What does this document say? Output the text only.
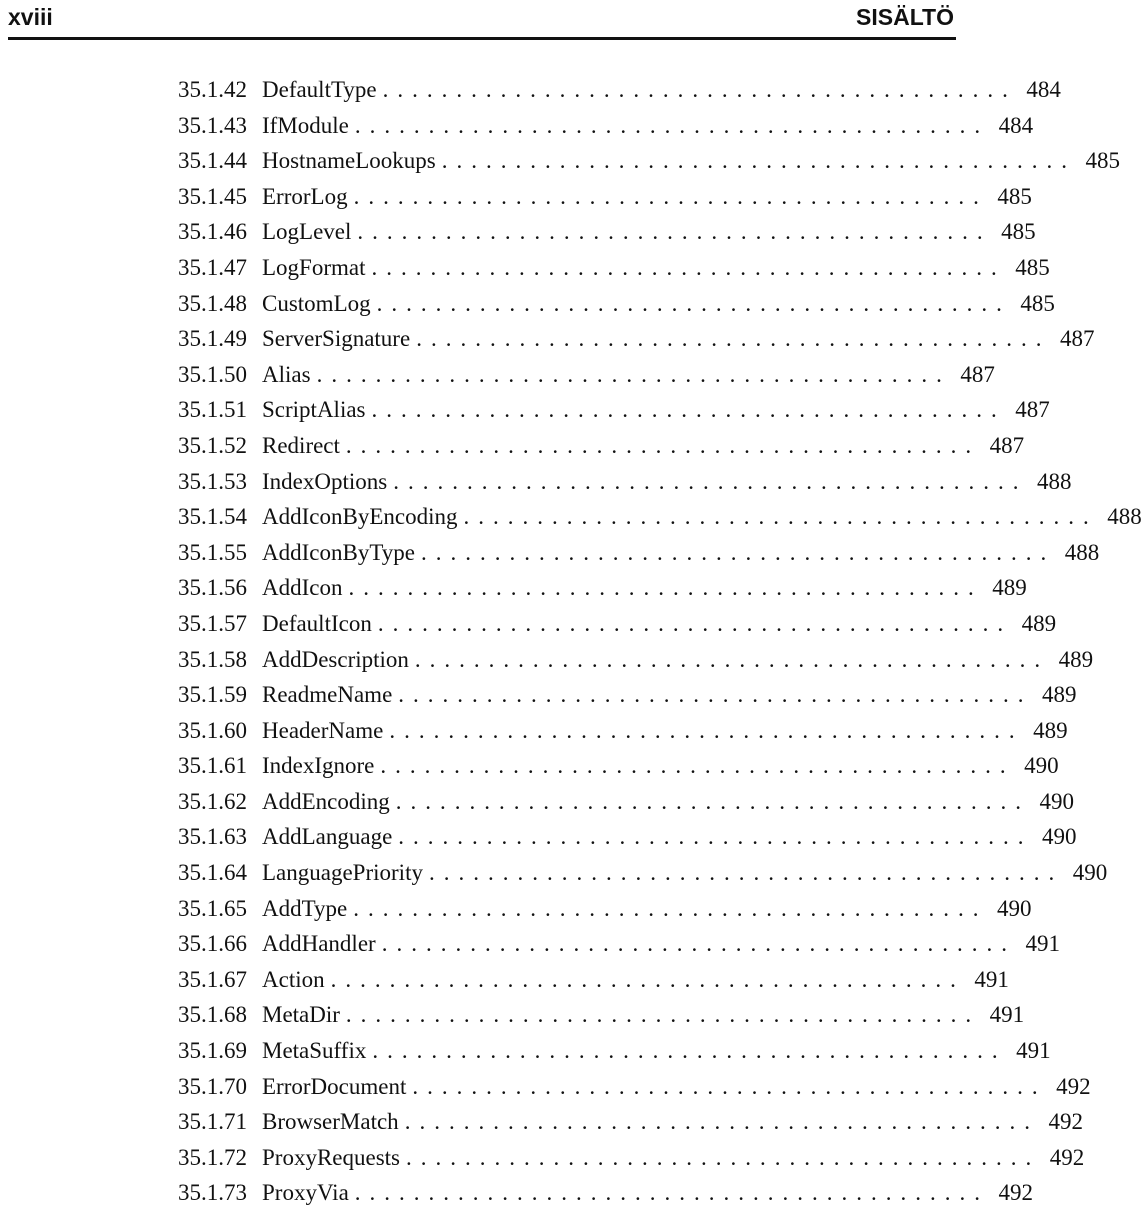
xviii	SISÄLTÖ
35.1.42 DefaultType ........................................... 484
35.1.43 IfModule ........................................... 484
35.1.44 HostnameLookups ........................................... 485
35.1.45 ErrorLog ........................................... 485
35.1.46 LogLevel ........................................... 485
35.1.47 LogFormat ........................................... 485
35.1.48 CustomLog ........................................... 485
35.1.49 ServerSignature ........................................... 487
35.1.50 Alias ........................................... 487
35.1.51 ScriptAlias ........................................... 487
35.1.52 Redirect ........................................... 487
35.1.53 IndexOptions ........................................... 488
35.1.54 AddIconByEncoding ........................................... 488
35.1.55 AddIconByType ........................................... 488
35.1.56 AddIcon ........................................... 489
35.1.57 DefaultIcon ........................................... 489
35.1.58 AddDescription ........................................... 489
35.1.59 ReadmeName ........................................... 489
35.1.60 HeaderName ........................................... 489
35.1.61 IndexIgnore ........................................... 490
35.1.62 AddEncoding ........................................... 490
35.1.63 AddLanguage ........................................... 490
35.1.64 LanguagePriority ........................................... 490
35.1.65 AddType ........................................... 490
35.1.66 AddHandler ........................................... 491
35.1.67 Action ........................................... 491
35.1.68 MetaDir ........................................... 491
35.1.69 MetaSuffix ........................................... 491
35.1.70 ErrorDocument ........................................... 492
35.1.71 BrowserMatch ........................................... 492
35.1.72 ProxyRequests ........................................... 492
35.1.73 ProxyVia ........................................... 492
